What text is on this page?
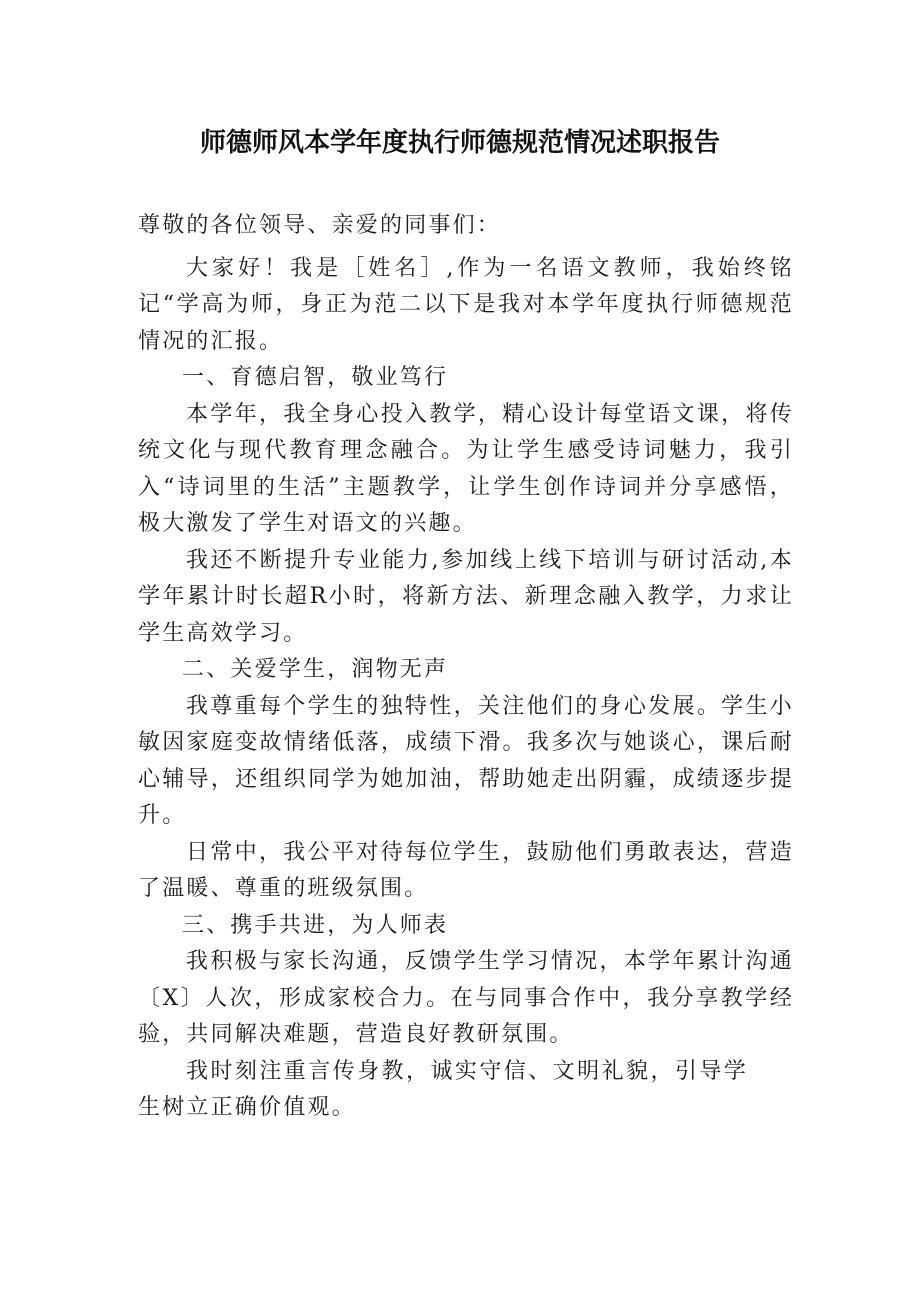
师德师风本学年度执行师德规范情况述职报告

尊敬的各位领导、亲爱的同事们：

大家好！我是［姓名］,作为一名语文教师，我始终铭记“学高为师，身正为范二以下是我对本学年度执行师德规范情况的汇报。

一、育德启智，敬业笃行

本学年，我全身心投入教学，精心设计每堂语文课，将传统文化与现代教育理念融合。为让学生感受诗词魅力，我引入“诗词里的生活”主题教学，让学生创作诗词并分享感悟，极大激发了学生对语文的兴趣。

我还不断提升专业能力,参加线上线下培训与研讨活动,本学年累计时长超R小时，将新方法、新理念融入教学，力求让学生高效学习。

二、关爱学生，润物无声

我尊重每个学生的独特性，关注他们的身心发展。学生小敏因家庭变故情绪低落，成绩下滑。我多次与她谈心，课后耐心辅导，还组织同学为她加油，帮助她走出阴霾，成绩逐步提升。

日常中，我公平对待每位学生，鼓励他们勇敢表达，营造了温暖、尊重的班级氛围。

三、携手共进，为人师表

我积极与家长沟通，反馈学生学习情况，本学年累计沟通〔X〕人次，形成家校合力。在与同事合作中，我分享教学经验，共同解决难题，营造良好教研氛围。

我时刻注重言传身教，诚实守信、文明礼貌，引导学生树立正确价值观。
